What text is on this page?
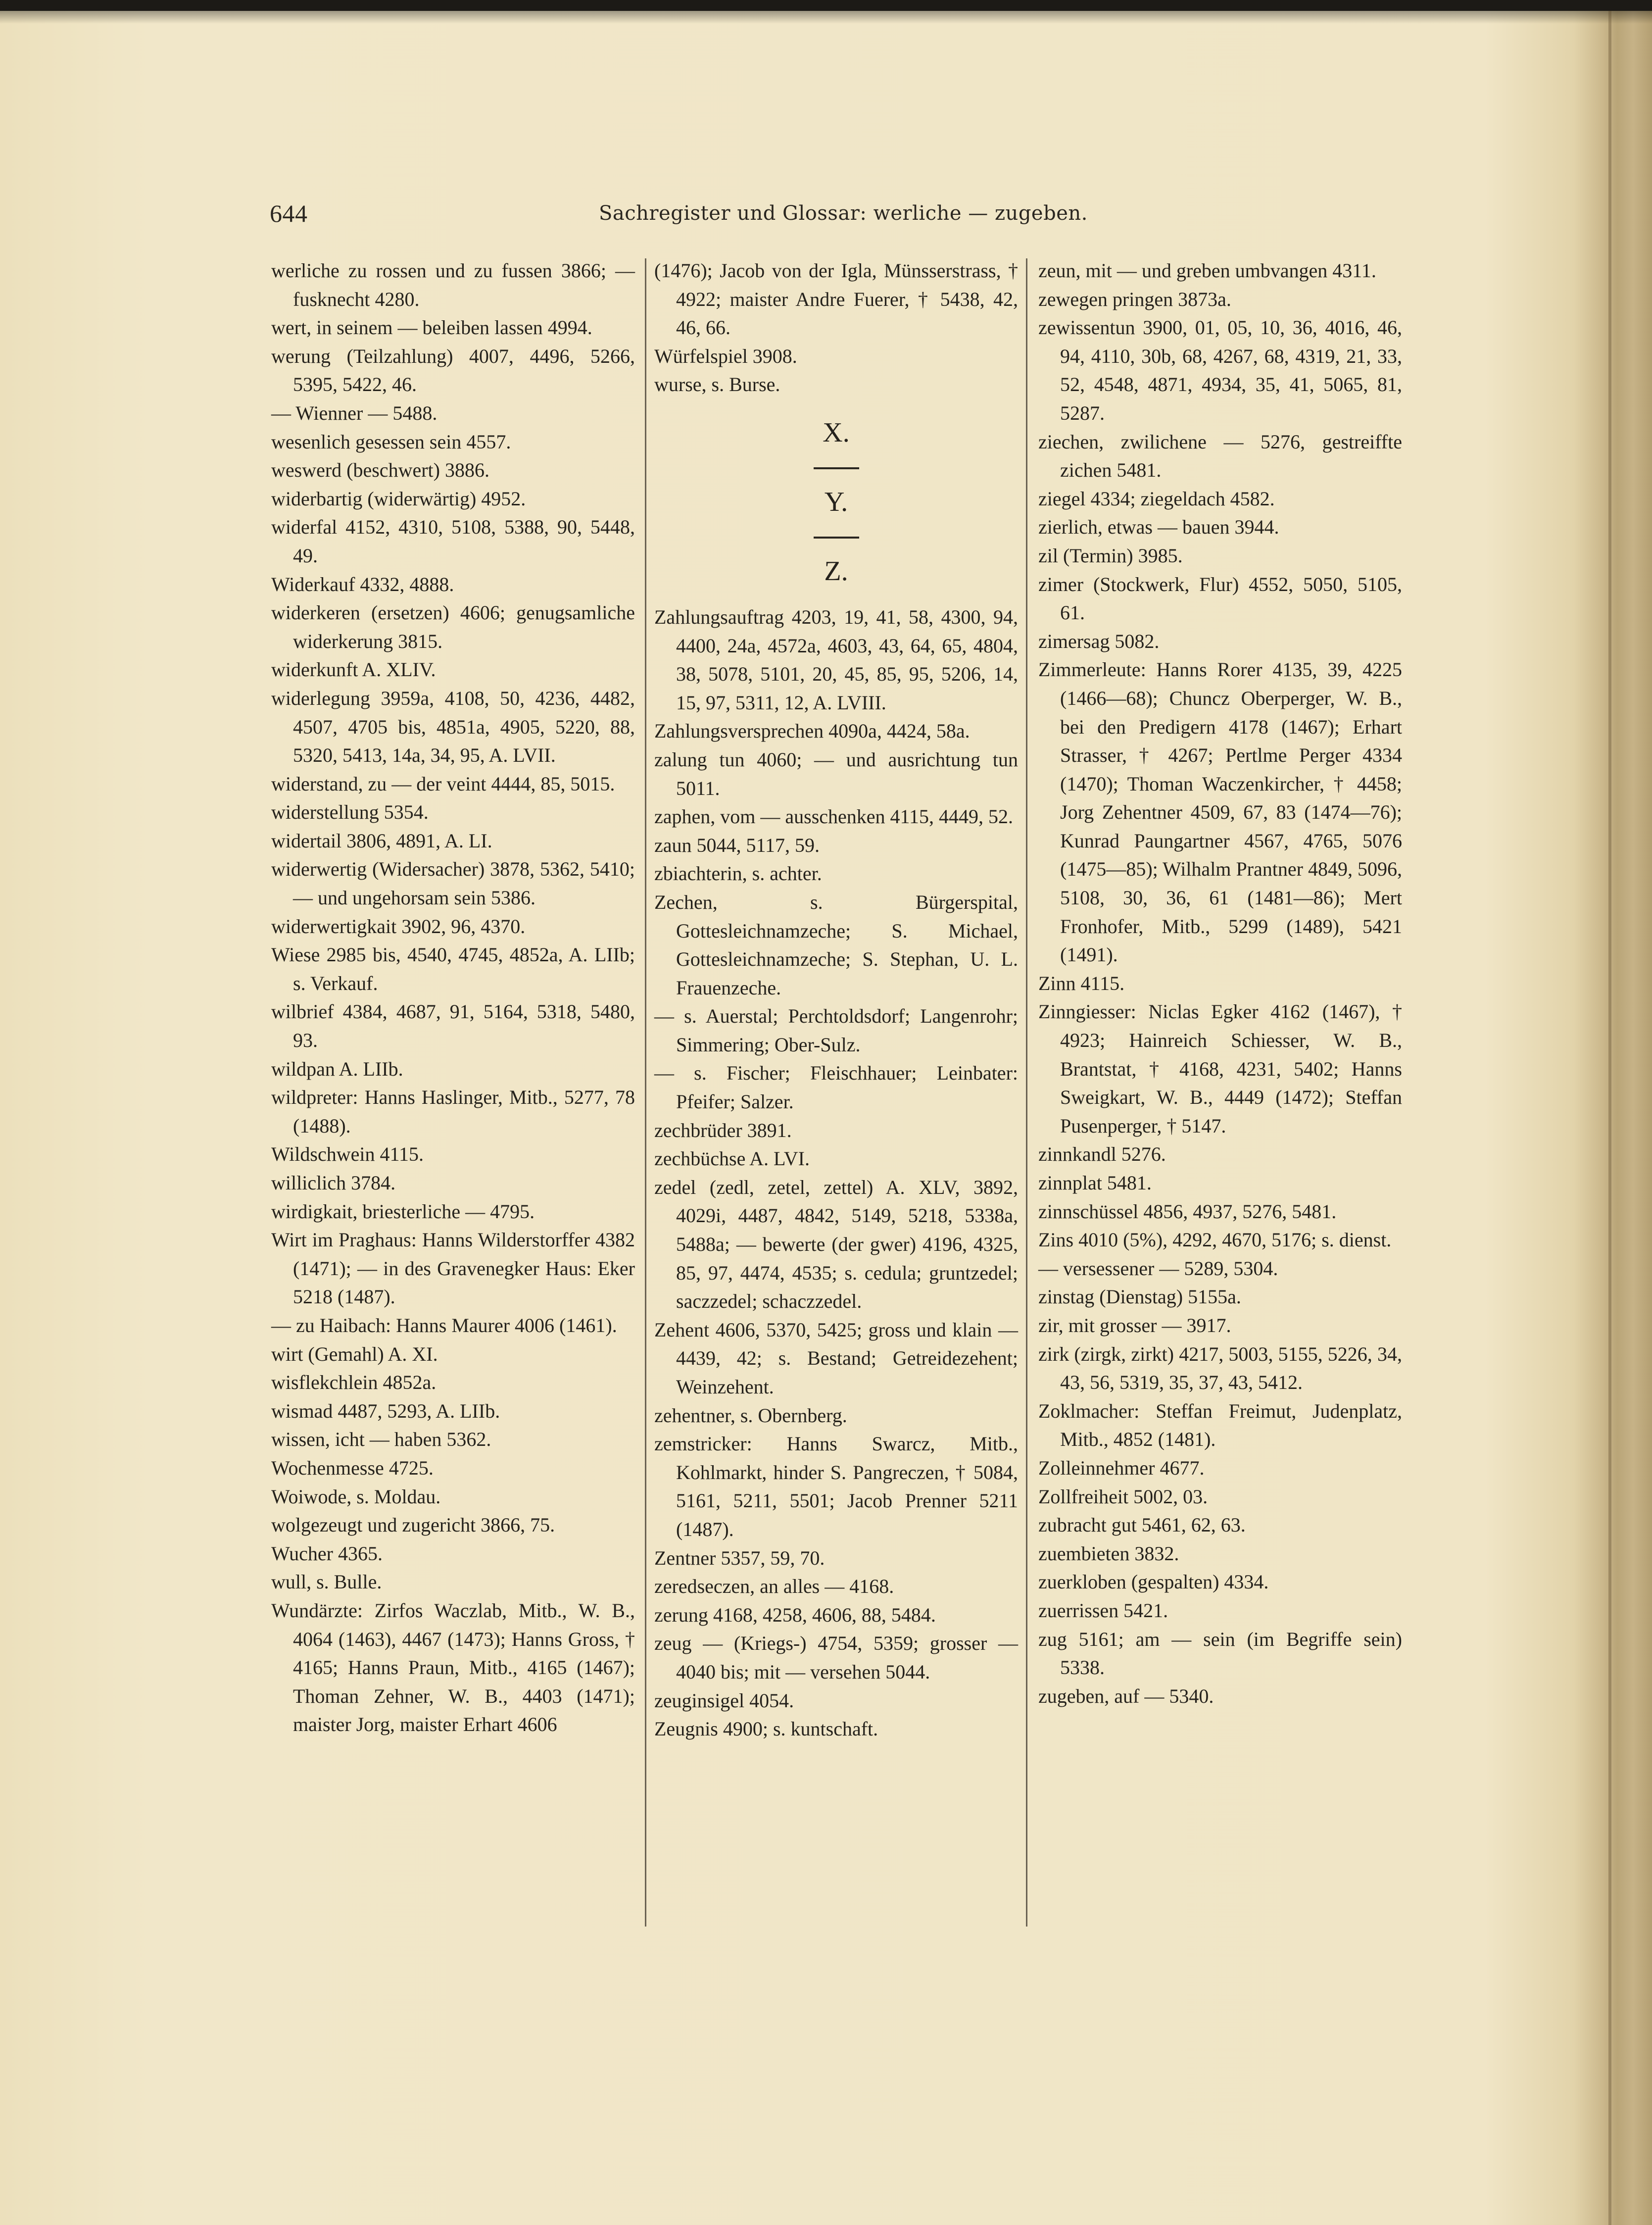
644	Sachregister und Glossar: werliche — zugeben.
werliche zu rossen und zu fussen 3866; — fusknecht 4280.
wert, in seinem — beleiben lassen 4994.
werung (Teilzahlung) 4007, 4496, 5266, 5395, 5422, 46.
— Wienner — 5488.
wesenlich gesessen sein 4557.
weswerd (beschwert) 3886.
widerbartig (widerwärtig) 4952.
widerfal 4152, 4310, 5108, 5388, 90, 5448, 49.
Widerkauf 4332, 4888.
widerkeren (ersetzen) 4606; genugsamliche widerkerung 3815.
widerkunft A. XLIV.
widerlegung 3959a, 4108, 50, 4236, 4482, 4507, 4705 bis, 4851a, 4905, 5220, 88, 5320, 5413, 14a, 34, 95, A. LVII.
widerstand, zu — der veint 4444, 85, 5015.
widerstellung 5354.
widertail 3806, 4891, A. LI.
widerwertig (Widersacher) 3878, 5362, 5410; — und ungehorsam sein 5386.
widerwertigkait 3902, 96, 4370.
Wiese 2985 bis, 4540, 4745, 4852a, A. LIIb; s. Verkauf.
wilbrief 4384, 4687, 91, 5164, 5318, 5480, 93.
wildpan A. LIIb.
wildpreter: Hanns Haslinger, Mitb., 5277, 78 (1488).
Wildschwein 4115.
williclich 3784.
wirdigkait, briesterliche — 4795.
Wirt im Praghaus: Hanns Wilderstorffer 4382 (1471); — in des Gravenegker Haus: Eker 5218 (1487).
— zu Haibach: Hanns Maurer 4006 (1461).
wirt (Gemahl) A. XI.
wisflekchlein 4852a.
wismad 4487, 5293, A. LIIb.
wissen, icht — haben 5362.
Wochenmesse 4725.
Woiwode, s. Moldau.
wolgezeugt und zugericht 3866, 75.
Wucher 4365.
wull, s. Bulle.
Wundärzte: Zirfos Waczlab, Mitb., W. B., 4064 (1463), 4467 (1473); Hanns Gross, † 4165; Hanns Praun, Mitb., 4165 (1467); Thoman Zehner, W. B., 4403 (1471); maister Jorg, maister Erhart 4606
(1476); Jacob von der Igla, Münsserstrass, † 4922; maister Andre Fuerer, † 5438, 42, 46, 66.
Würfelspiel 3908.
wurse, s. Burse.
X.
Y.
Z.
Zahlungsauftrag 4203, 19, 41, 58, 4300, 94, 4400, 24a, 4572a, 4603, 43, 64, 65, 4804, 38, 5078, 5101, 20, 45, 85, 95, 5206, 14, 15, 97, 5311, 12, A. LVIII.
Zahlungsversprechen 4090a, 4424, 58a.
zalung tun 4060; — und ausrichtung tun 5011.
zaphen, vom — ausschenken 4115, 4449, 52.
zaun 5044, 5117, 59.
zbiachterin, s. achter.
Zechen, s. Bürgerspital, Gottesleichnamzeche; S. Michael, Gottesleichnamzeche; S. Stephan, U. L. Frauenzeche.
— s. Auerstal; Perchtoldsdorf; Langenrohr; Simmering; Ober-Sulz.
— s. Fischer; Fleischhauer; Leinbater: Pfeifer; Salzer.
zechbrüder 3891.
zechbüchse A. LVI.
zedel (zedl, zetel, zettel) A. XLV, 3892, 4029i, 4487, 4842, 5149, 5218, 5338a, 5488a; — bewerte (der gwer) 4196, 4325, 85, 97, 4474, 4535; s. cedula; gruntzedel; saczzedel; schaczzedel.
Zehent 4606, 5370, 5425; gross und klain — 4439, 42; s. Bestand; Getreidezehent; Weinzehent.
zehentner, s. Obernberg.
zemstricker: Hanns Swarcz, Mitb., Kohlmarkt, hinder S. Pangreczen, † 5084, 5161, 5211, 5501; Jacob Prenner 5211 (1487).
Zentner 5357, 59, 70.
zeredseczen, an alles — 4168.
zerung 4168, 4258, 4606, 88, 5484.
zeug — (Kriegs-) 4754, 5359; grosser — 4040 bis; mit — versehen 5044.
zeuginsigel 4054.
Zeugnis 4900; s. kuntschaft.
zeun, mit — und greben umbvangen 4311.
zewegen pringen 3873a.
zewissentun 3900, 01, 05, 10, 36, 4016, 46, 94, 4110, 30b, 68, 4267, 68, 4319, 21, 33, 52, 4548, 4871, 4934, 35, 41, 5065, 81, 5287.
ziechen, zwilichene — 5276, gestreiffte zichen 5481.
ziegel 4334; ziegeldach 4582.
zierlich, etwas — bauen 3944.
zil (Termin) 3985.
zimer (Stockwerk, Flur) 4552, 5050, 5105, 61.
zimersag 5082.
Zimmerleute: Hanns Rorer 4135, 39, 4225 (1466—68); Chuncz Oberperger, W. B., bei den Predigern 4178 (1467); Erhart Strasser, † 4267; Pertlme Perger 4334 (1470); Thoman Waczenkircher, † 4458; Jorg Zehentner 4509, 67, 83 (1474—76); Kunrad Paungartner 4567, 4765, 5076 (1475—85); Wilhalm Prantner 4849, 5096, 5108, 30, 36, 61 (1481—86); Mert Fronhofer, Mitb., 5299 (1489), 5421 (1491).
Zinn 4115.
Zinngiesser: Niclas Egker 4162 (1467), † 4923; Hainreich Schiesser, W. B., Brantstat, † 4168, 4231, 5402; Hanns Sweigkart, W. B., 4449 (1472); Steffan Pusenperger, † 5147.
zinnkandl 5276.
zinnplat 5481.
zinnschüssel 4856, 4937, 5276, 5481.
Zins 4010 (5%), 4292, 4670, 5176; s. dienst.
— versessener — 5289, 5304.
zinstag (Dienstag) 5155a.
zir, mit grosser — 3917.
zirk (zirgk, zirkt) 4217, 5003, 5155, 5226, 34, 43, 56, 5319, 35, 37, 43, 5412.
Zoklmacher: Steffan Freimut, Judenplatz, Mitb., 4852 (1481).
Zolleinnehmer 4677.
Zollfreiheit 5002, 03.
zubracht gut 5461, 62, 63.
zuembieten 3832.
zuerkloben (gespalten) 4334.
zuerrissen 5421.
zug 5161; am — sein (im Begriffe sein) 5338.
zugeben, auf — 5340.
